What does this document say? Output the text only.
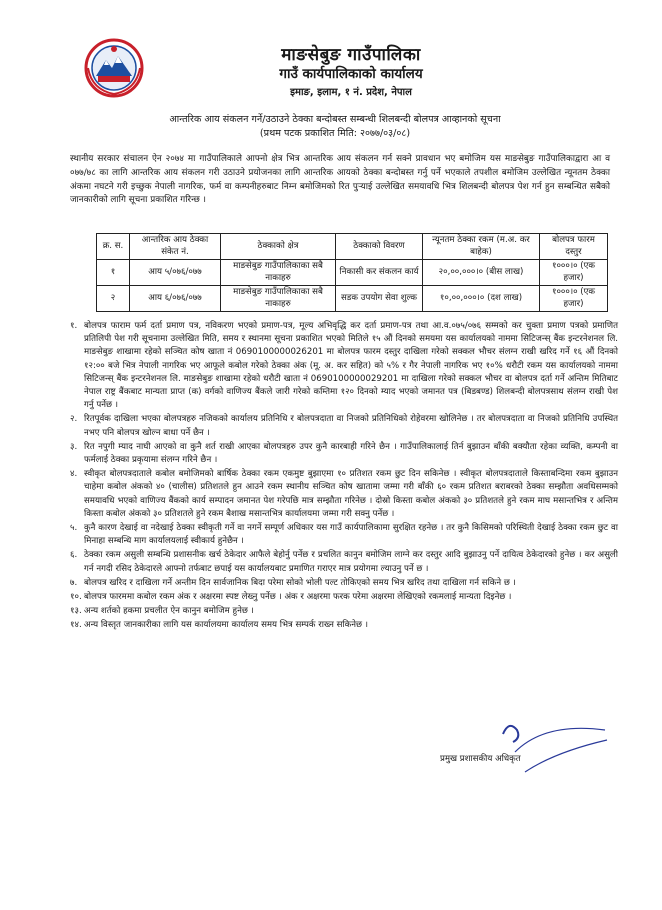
माङसेबुङ गाउँपालिका
गाउँ कार्यपालिकाको कार्यालय
इमाङ, इलाम, १ नं. प्रदेश, नेपाल
आन्तरिक आय संकलन गर्ने/उठाउने ठेक्का बन्दोबस्त सम्बन्धी शिलबन्दी बोलपत्र आव्हानको सूचना
(प्रथम पटक प्रकाशित मिति: २०७७/०३/०८)
स्थानीय सरकार संचालन ऐन २०७४ मा गाउँपालिकाले आफ्नो क्षेत्र भित्र आन्तरिक आय संकलन गर्न सक्ने प्रावधान भए बमोजिम यस माङसेबुङ गाउँपालिकाद्वारा आ व ०७७/७८ का लागि आन्तरिक आय संकलन गरी उठाउने प्रयोजनका लागि आन्तरिक आयको ठेक्का बन्दोबस्त गर्नु पर्ने भएकाले तपशील बमोजिम उल्लेखित न्यूनतम ठेक्का अंकमा नघटने गरी इच्छुक नेपाली नागरिक, फर्म वा कम्पनीहरुबाट निम्न बमोजिमको रित पुऱ्याई उल्लेखित समयावधि भित्र शिलबन्दी बोलपत्र पेश गर्न हुन सम्बन्धित सबैको जानकारीको लागि सूचना प्रकाशित गरिन्छ ।
क्र. स.	आन्तरिक आय ठेक्का संकेत नं.	ठेक्काको क्षेत्र	ठेक्काको विवरण	न्यूनतम ठेक्का रकम (म.अ. कर बाहेक)	बोलपत्र फारम दस्तुर
१	आय ५/०७६/०७७	माङसेबुङ गाउँपालिकाका सबै नाकाहरु	निकासी कर संकलन कार्य	२०,००,०००।० (बीस लाख)	१०००।० (एक हजार)
२	आय ६/०७६/०७७	माङसेबुङ गाउँपालिकाका सबै नाकाहरु	सडक उपयोग सेवा शुल्क	१०,००,०००।० (दश लाख)	१०००।० (एक हजार)
१. बोलपत्र फाराम फर्म दर्ता प्रमाण पत्र, नविकरण भएको प्रमाण-पत्र, मूल्य अभिवृद्धि कर दर्ता प्रमाण-पत्र तथा आ.व.०७५/०७६ सम्मको कर चुक्ता प्रमाण पत्रको प्रमाणित प्रतिलिपी पेश गरी सूचनामा उल्लेखित मिति, समय र स्थानमा सूचना प्रकाशित भएको मितिले १५ औं दिनको समयमा यस कार्यालयको नाममा सिटिजन्स् बैंक इन्टरनेशनल लि. माङसेबुङ शाखामा रहेको सञ्चित कोष खाता नं 0690100000026201 मा बोलपत्र फारम दस्तुर दाखिला गरेको सक्कल भौचर संलग्न राखी खरिद गर्ने १६ औं दिनको १२:०० बजे भित्र नेपाली नागरिक भए आफूले कबोल गरेको ठेक्का अंक (मू. अ. कर सहित) को ५% र गैर नेपाली नागरिक भए १०% धरौटी रकम यस कार्यालयको नाममा सिटिजन्स् बैंक इन्टरनेशनल लि. माङसेबुङ शाखामा रहेको धरौटी खाता नं 0690100000029201 मा दाखिला गरेको सक्कल भौचर वा बोलपत्र दर्ता गर्ने अन्तिम मितिबाट नेपाल राष्ट्र बैंकबाट मान्यता प्राप्त (क) वर्गको वाणिज्य बैंकले जारी गरेको कम्तिमा १२० दिनको म्याद भएको जमानत पत्र (बिडबण्ड) शिलबन्दी बोलपत्रसाथ संलग्न राखी पेश गर्नु पर्नेछ ।
२. रितपूर्वक दाखिला भएका बोलपत्रहरु नजिकको कार्यालय प्रतिनिधि र बोलपत्रदाता वा निजको प्रतिनिधिको रोहेवरमा खोलिनेछ । तर बोलपत्रदाता वा निजको प्रतिनिधि उपस्थित नभए पनि बोलपत्र खोल्न बाधा पर्ने छैन ।
३. रित नपुगी म्याद नाघी आएको वा कुनै शर्त राखी आएका बोलपत्रहरु उपर कुनै कारबाही गरिने छैन । गाउँपालिकालाई तिर्न बुझाउन बाँकी बक्यौता रहेका व्यक्ति, कम्पनी वा फर्मलाई ठेक्का प्रकृयामा संलग्न गरिने छैन ।
४. स्वीकृत बोलपत्रदाताले कबोल बमोजिमको बार्षिक ठेक्का रकम एकमुष्ट बुझाएमा १० प्रतिशत रकम छुट दिन सकिनेछ । स्वीकृत बोलपत्रदाताले किस्ताबन्दिमा रकम बुझाउन चाहेमा कबोल अंकको ४० (चालीस) प्रतिशतले हुन आउने रकम स्थानीय सञ्चित कोष खातामा जम्मा गरी बाँकी ६० रकम प्रतिशत बराबरको ठेक्का सम्झौता अवधिसम्मको समयावधि भएको वाणिज्य बैंकको कार्य सम्पादन जमानत पेश गरेपछि मात्र सम्झौता गरिनेछ । दोस्रो किस्ता कबोल अंकको ३० प्रतिशतले हुने रकम माघ मसान्तभित्र र अन्तिम किस्ता कबोल अंकको ३० प्रतिशतले हुने रकम बैशाख मसान्तभित्र कार्यालयमा जम्मा गरी सक्नु पर्नेछ ।
५. कुनै कारण देखाई वा नदेखाई ठेक्का स्वीकृती गर्ने वा नगर्ने सम्पूर्ण अधिकार यस गाउँ कार्यपालिकामा सुरक्षित रहनेछ । तर कुनै किसिमको परिस्थिती देखाई ठेक्का रकम छुट वा मिनाहा सम्बन्धि माग कार्यालयलाई स्वीकार्य हुनेछैन ।
६. ठेक्का रकम असुली सम्बन्धि प्रशासनीक खर्च ठेकेदार आफैले बेहोर्नु पर्नेछ र प्रचलित कानुन बमोजिम लाग्ने कर दस्तुर आदि बुझाउनु पर्ने दायित्व ठेकेदारको हुनेछ । कर असुली गर्न नगदी रसिद ठेकेदारले आफ्नो तर्फबाट छपाई यस कार्यालयबाट प्रमाणित गराएर मात्र प्रयोगमा ल्याउनु पर्ने छ ।
७. बोलपत्र खरिद र दाखिला गर्ने अन्तीम दिन सार्वजानिक बिदा परेमा सोको भोली पल्ट तोकिएको समय भित्र खरिद तथा दाखिला गर्न सकिने छ ।
१०. बोलपत्र फारममा कबोल रकम अंक र अक्षरमा स्पष्ट लेख्नु पर्नेछ । अंक र अक्षरमा फरक परेमा अक्षरमा लेखिएको रकमलाई मान्यता दिइनेछ ।
१३. अन्य शर्तको हकमा प्रचलीत ऐन कानुन बमोजिम हुनेछ ।
१४. अन्य विस्तृत जानकारीका लागि यस कार्यालयमा कार्यालय समय भित्र सम्पर्क राख्न सकिनेछ ।
प्रमुख प्रशासकीय अधिकृत
